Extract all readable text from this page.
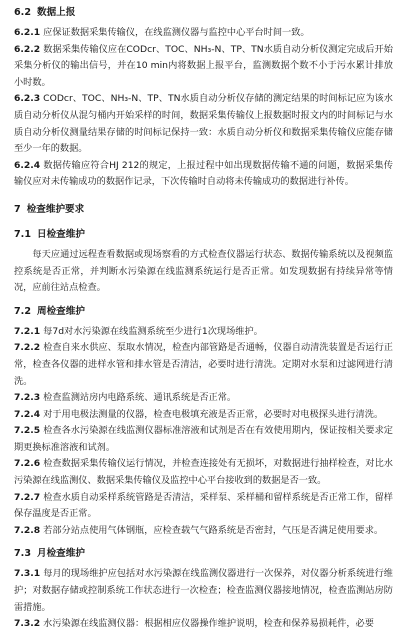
6.2 数据上报

6.2.1 应保证数据采集传输仪，在线监测仪器与监控中心平台时间一致。

6.2.2 数据采集传输仪应在CODcr、TOC、NH₃-N、TP、TN水质自动分析仪测定完成后开始采集分析仪的输出信号，并在10 min内将数据上报平台，监测数据个数不小于污水累计排放小时数。

6.2.3 CODcr、TOC、NH₃-N、TP、TN水质自动分析仪存储的测定结果的时间标记应为该水质自动分析仪从混匀桶内开始采样的时间，数据采集传输仪上报数据时报文内的时间标记与水质自动分析仪测量结果存储的时间标记保持一致：水质自动分析仪和数据采集传输仪应能存储至少一年的数据。

6.2.4 数据传输应符合HJ 212的规定，上报过程中如出现数据传输不通的问题，数据采集传输仪应对未传输成功的数据作记录，下次传输时自动将未传输成功的数据进行补传。

7 检查维护要求

7.1 日检查维护

每天应通过远程查看数据或现场察看的方式检查仪器运行状态、数据传输系统以及视频监控系统是否正常，并判断水污染源在线监测系统运行是否正常。如发现数据有持续异常等情况，应前往站点检查。

7.2 周检查维护

7.2.1 每7d对水污染源在线监测系统至少进行1次现场维护。

7.2.2 检查自来水供应、泵取水情况，检查内部管路是否通畅，仪器自动清洗装置是否运行正常，检查各仪器的进样水管和排水管是否清洁，必要时进行清洗。定期对水泵和过滤网进行清洗。

7.2.3 检查监测站房内电路系统、通讯系统是否正常。

7.2.4 对于用电极法测量的仪器，检查电极填充液是否正常，必要时对电极探头进行清洗。

7.2.5 检查各水污染源在线监测仪器标准溶液和试剂是否在有效使用期内，保证按相关要求定期更换标准溶液和试剂。

7.2.6 检查数据采集传输仪运行情况，并检查连接处有无损坏，对数据进行抽样检查，对比水污染源在线监测仪、数据采集传输仪及监控中心平台接收到的数据是否一致。

7.2.7 检查水质自动采样系统管路是否清洁，采样泵、采样桶和留样系统是否正常工作，留样保存温度是否正常。

7.2.8 若部分站点使用气体钢瓶，应检查载气气路系统是否密封，气压是否满足使用要求。

7.3 月检查维护

7.3.1 每月的现场维护应包括对水污染源在线监测仪器进行一次保养，对仪器分析系统进行维护；对数据存储或控制系统工作状态进行一次检查；检查监测仪器接地情况，检查监测站房防雷措施。

7.3.2 水污染源在线监测仪器：根据相应仪器操作维护说明，检查和保养易损耗件，必要
